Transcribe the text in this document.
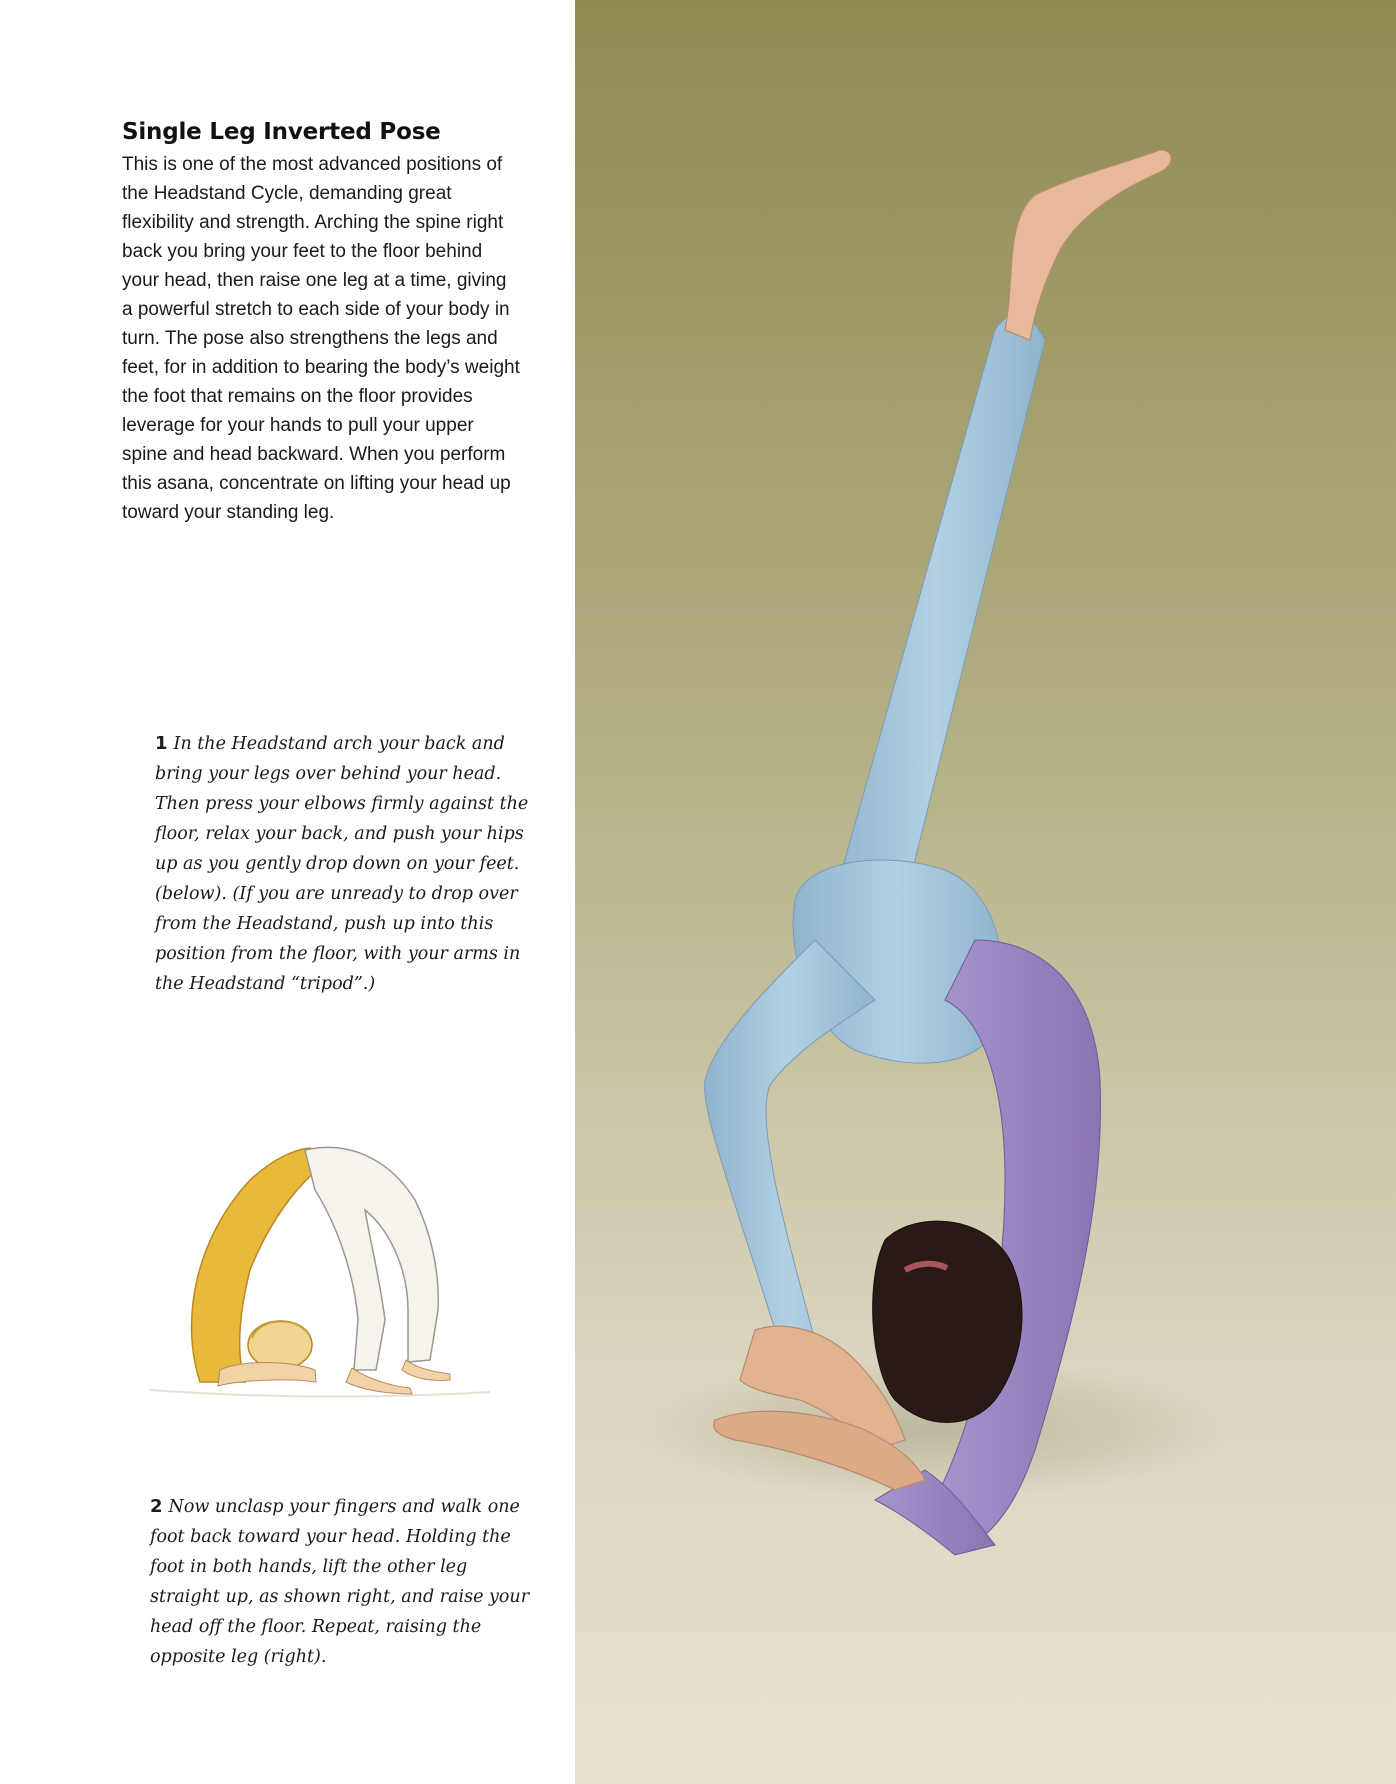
Single Leg Inverted Pose
This is one of the most advanced positions of the Headstand Cycle, demanding great flexibility and strength. Arching the spine right back you bring your feet to the floor behind your head, then raise one leg at a time, giving a powerful stretch to each side of your body in turn. The pose also strengthens the legs and feet, for in addition to bearing the body’s weight the foot that remains on the floor provides leverage for your hands to pull your upper spine and head backward. When you perform this asana, concentrate on lifting your head up toward your standing leg.
1 In the Headstand arch your back and bring your legs over behind your head. Then press your elbows firmly against the floor, relax your back, and push your hips up as you gently drop down on your feet. (below). (If you are unready to drop over from the Headstand, push up into this position from the floor, with your arms in the Headstand “tripod”.)
2 Now unclasp your fingers and walk one foot back toward your head. Holding the foot in both hands, lift the other leg straight up, as shown right, and raise your head off the floor. Repeat, raising the opposite leg (right).
